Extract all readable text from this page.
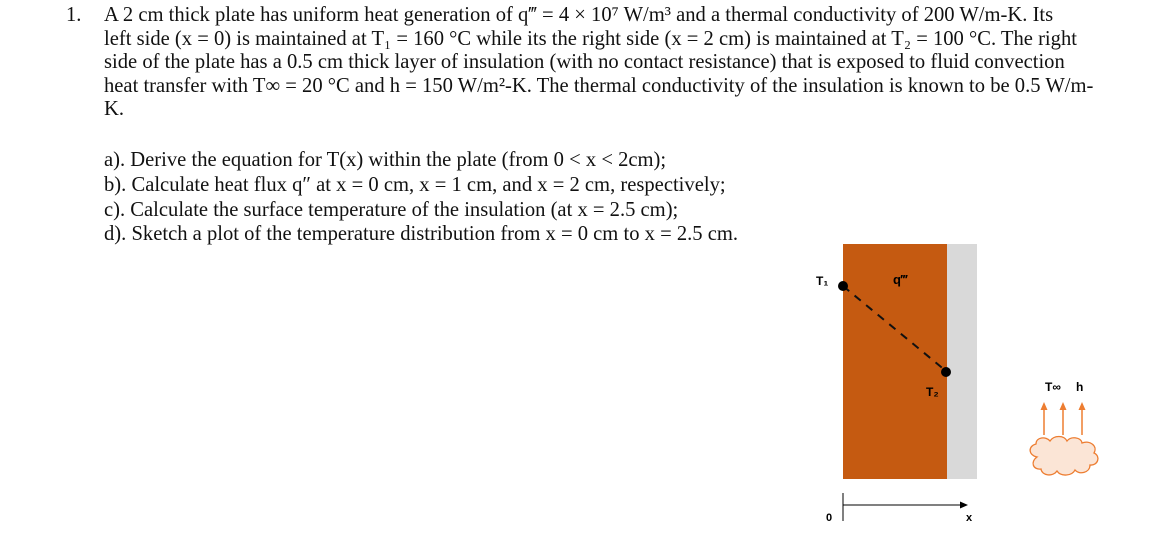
1. A 2 cm thick plate has uniform heat generation of q‴ = 4 × 10⁷ W/m³ and a thermal conductivity of 200 W/m-K. Its
left side (x = 0) is maintained at T₁ = 160 °C while its the right side (x = 2 cm) is maintained at T₂ = 100 °C. The right
side of the plate has a 0.5 cm thick layer of insulation (with no contact resistance) that is exposed to fluid convection
heat transfer with T∞ = 20 °C and h = 150 W/m²-K. The thermal conductivity of the insulation is known to be 0.5 W/m-
K.
a). Derive the equation for T(x) within the plate (from 0 < x < 2cm);
b). Calculate heat flux q″ at x = 0 cm, x = 1 cm, and x = 2 cm, respectively;
c). Calculate the surface temperature of the insulation (at x = 2.5 cm);
d). Sketch a plot of the temperature distribution from x = 0 cm to x = 2.5 cm.
T₁	q‴
T₂	T∞ h
0	x
